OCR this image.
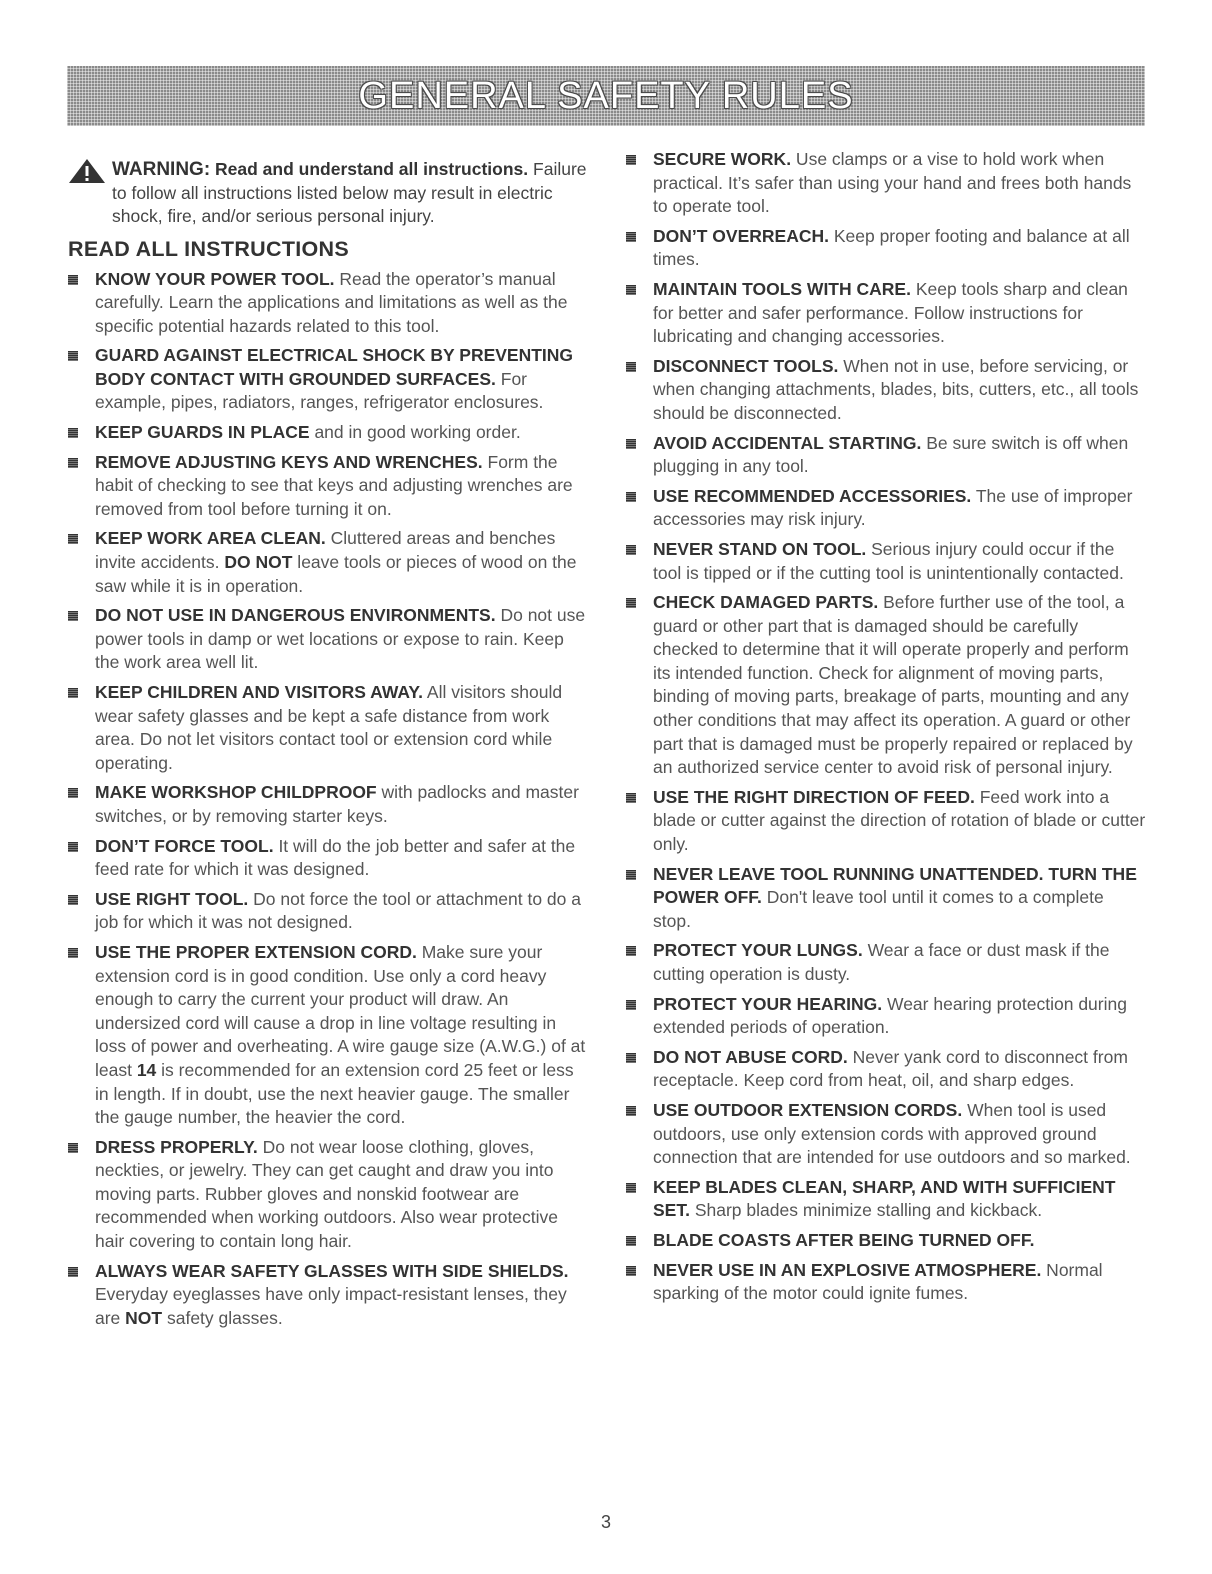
GENERAL SAFETY RULES
WARNING: Read and understand all instructions. Failure to follow all instructions listed below may result in electric shock, fire, and/or serious personal injury.
READ ALL INSTRUCTIONS
KNOW YOUR POWER TOOL. Read the operator’s manual carefully. Learn the applications and limitations as well as the specific potential hazards related to this tool.
GUARD AGAINST ELECTRICAL SHOCK BY PREVENTING BODY CONTACT WITH GROUNDED SURFACES. For example, pipes, radiators, ranges, refrigerator enclosures.
KEEP GUARDS IN PLACE and in good working order.
REMOVE ADJUSTING KEYS AND WRENCHES. Form the habit of checking to see that keys and adjusting wrenches are removed from tool before turning it on.
KEEP WORK AREA CLEAN. Cluttered areas and benches invite accidents. DO NOT leave tools or pieces of wood on the saw while it is in operation.
DO NOT USE IN DANGEROUS ENVIRONMENTS. Do not use power tools in damp or wet locations or expose to rain. Keep the work area well lit.
KEEP CHILDREN AND VISITORS AWAY. All visitors should wear safety glasses and be kept a safe distance from work area. Do not let visitors contact tool or extension cord while operating.
MAKE WORKSHOP CHILDPROOF with padlocks and master switches, or by removing starter keys.
DON’T FORCE TOOL. It will do the job better and safer at the feed rate for which it was designed.
USE RIGHT TOOL. Do not force the tool or attachment to do a job for which it was not designed.
USE THE PROPER EXTENSION CORD. Make sure your extension cord is in good condition. Use only a cord heavy enough to carry the current your product will draw. An undersized cord will cause a drop in line voltage resulting in loss of power and overheating. A wire gauge size (A.W.G.) of at least 14 is recommended for an extension cord 25 feet or less in length. If in doubt, use the next heavier gauge. The smaller the gauge number, the heavier the cord.
DRESS PROPERLY. Do not wear loose clothing, gloves, neckties, or jewelry. They can get caught and draw you into moving parts. Rubber gloves and nonskid footwear are recommended when working outdoors. Also wear protective hair covering to contain long hair.
ALWAYS WEAR SAFETY GLASSES WITH SIDE SHIELDS. Everyday eyeglasses have only impact-resistant lenses, they are NOT safety glasses.
SECURE WORK. Use clamps or a vise to hold work when practical. It’s safer than using your hand and frees both hands to operate tool.
DON’T OVERREACH. Keep proper footing and balance at all times.
MAINTAIN TOOLS WITH CARE. Keep tools sharp and clean for better and safer performance. Follow instructions for lubricating and changing accessories.
DISCONNECT TOOLS. When not in use, before servicing, or when changing attachments, blades, bits, cutters, etc., all tools should be disconnected.
AVOID ACCIDENTAL STARTING. Be sure switch is off when plugging in any tool.
USE RECOMMENDED ACCESSORIES. The use of improper accessories may risk injury.
NEVER STAND ON TOOL. Serious injury could occur if the tool is tipped or if the cutting tool is unintentionally contacted.
CHECK DAMAGED PARTS. Before further use of the tool, a guard or other part that is damaged should be carefully checked to determine that it will operate properly and perform its intended function. Check for alignment of moving parts, binding of moving parts, breakage of parts, mounting and any other conditions that may affect its operation. A guard or other part that is damaged must be properly repaired or replaced by an authorized service center to avoid risk of personal injury.
USE THE RIGHT DIRECTION OF FEED. Feed work into a blade or cutter against the direction of rotation of blade or cutter only.
NEVER LEAVE TOOL RUNNING UNATTENDED. TURN THE POWER OFF. Don't leave tool until it comes to a complete stop.
PROTECT YOUR LUNGS. Wear a face or dust mask if the cutting operation is dusty.
PROTECT YOUR HEARING. Wear hearing protection during extended periods of operation.
DO NOT ABUSE CORD. Never yank cord to disconnect from receptacle. Keep cord from heat, oil, and sharp edges.
USE OUTDOOR EXTENSION CORDS. When tool is used outdoors, use only extension cords with approved ground connection that are intended for use outdoors and so marked.
KEEP BLADES CLEAN, SHARP, AND WITH SUFFICIENT SET. Sharp blades minimize stalling and kickback.
BLADE COASTS AFTER BEING TURNED OFF.
NEVER USE IN AN EXPLOSIVE ATMOSPHERE. Normal sparking of the motor could ignite fumes.
3
